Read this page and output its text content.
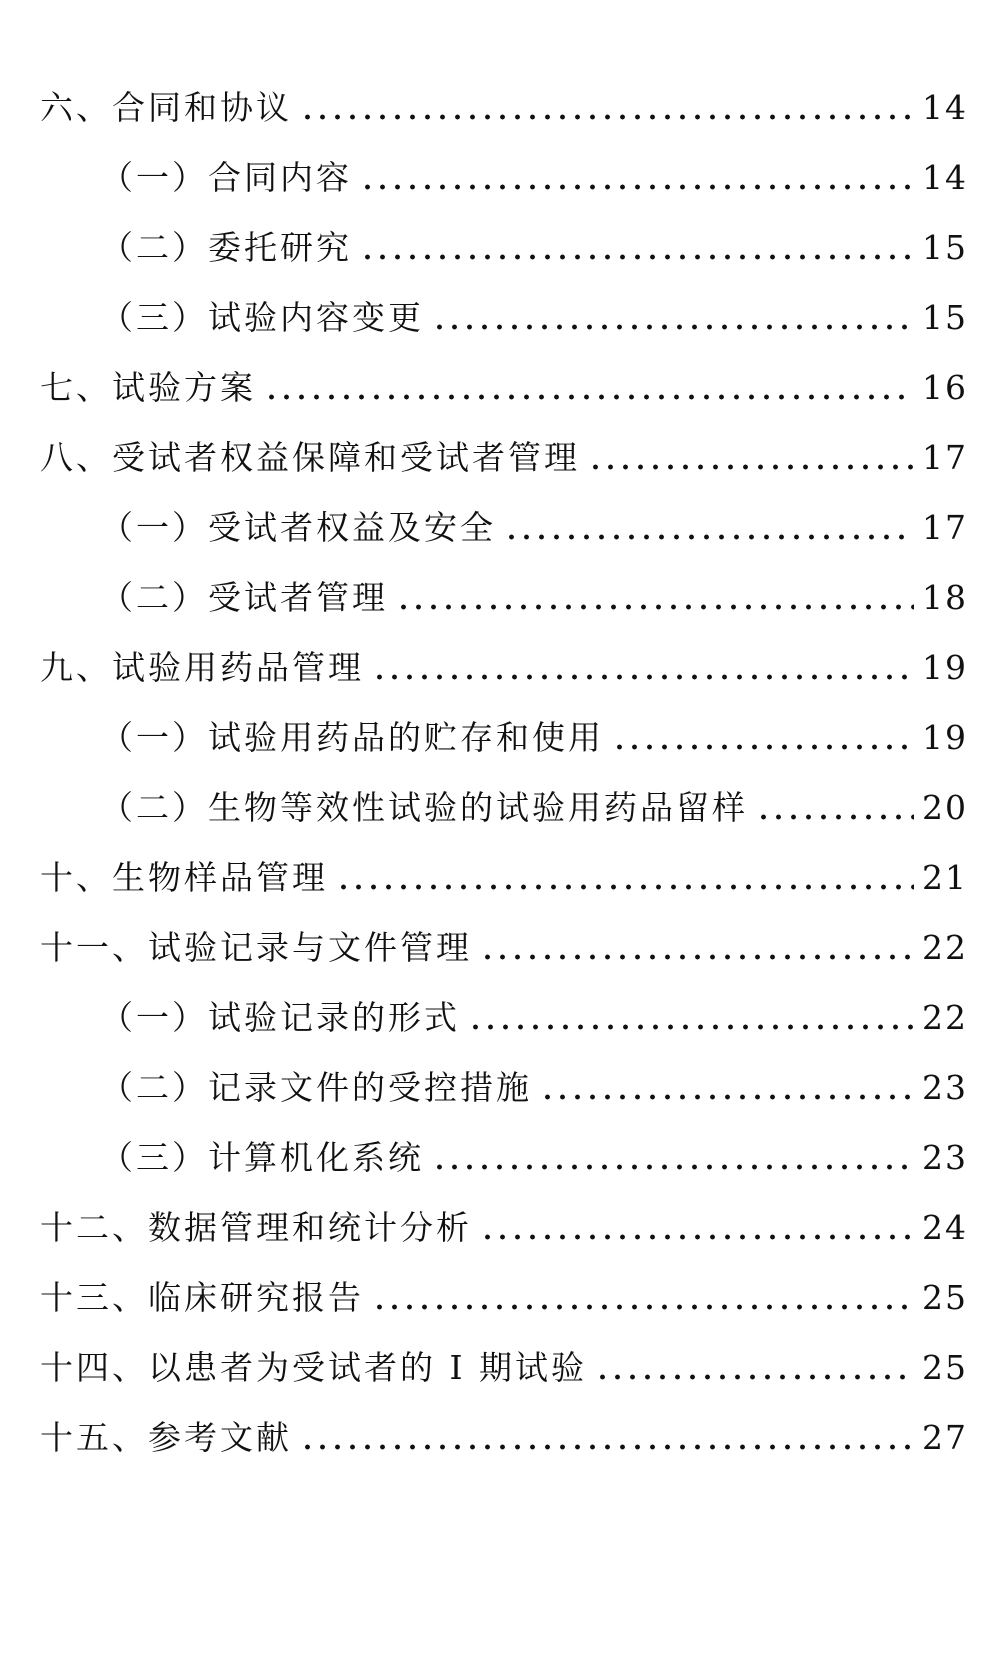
六、合同和协议	14
（一）合同内容	14
（二）委托研究	15
（三）试验内容变更	15
七、试验方案	16
八、受试者权益保障和受试者管理	17
（一）受试者权益及安全	17
（二）受试者管理	18
九、试验用药品管理	19
（一）试验用药品的贮存和使用	19
（二）生物等效性试验的试验用药品留样	20
十、生物样品管理	21
十一、试验记录与文件管理	22
（一）试验记录的形式	22
（二）记录文件的受控措施	23
（三）计算机化系统	23
十二、数据管理和统计分析	24
十三、临床研究报告	25
十四、以患者为受试者的 I 期试验	25
十五、参考文献	27
